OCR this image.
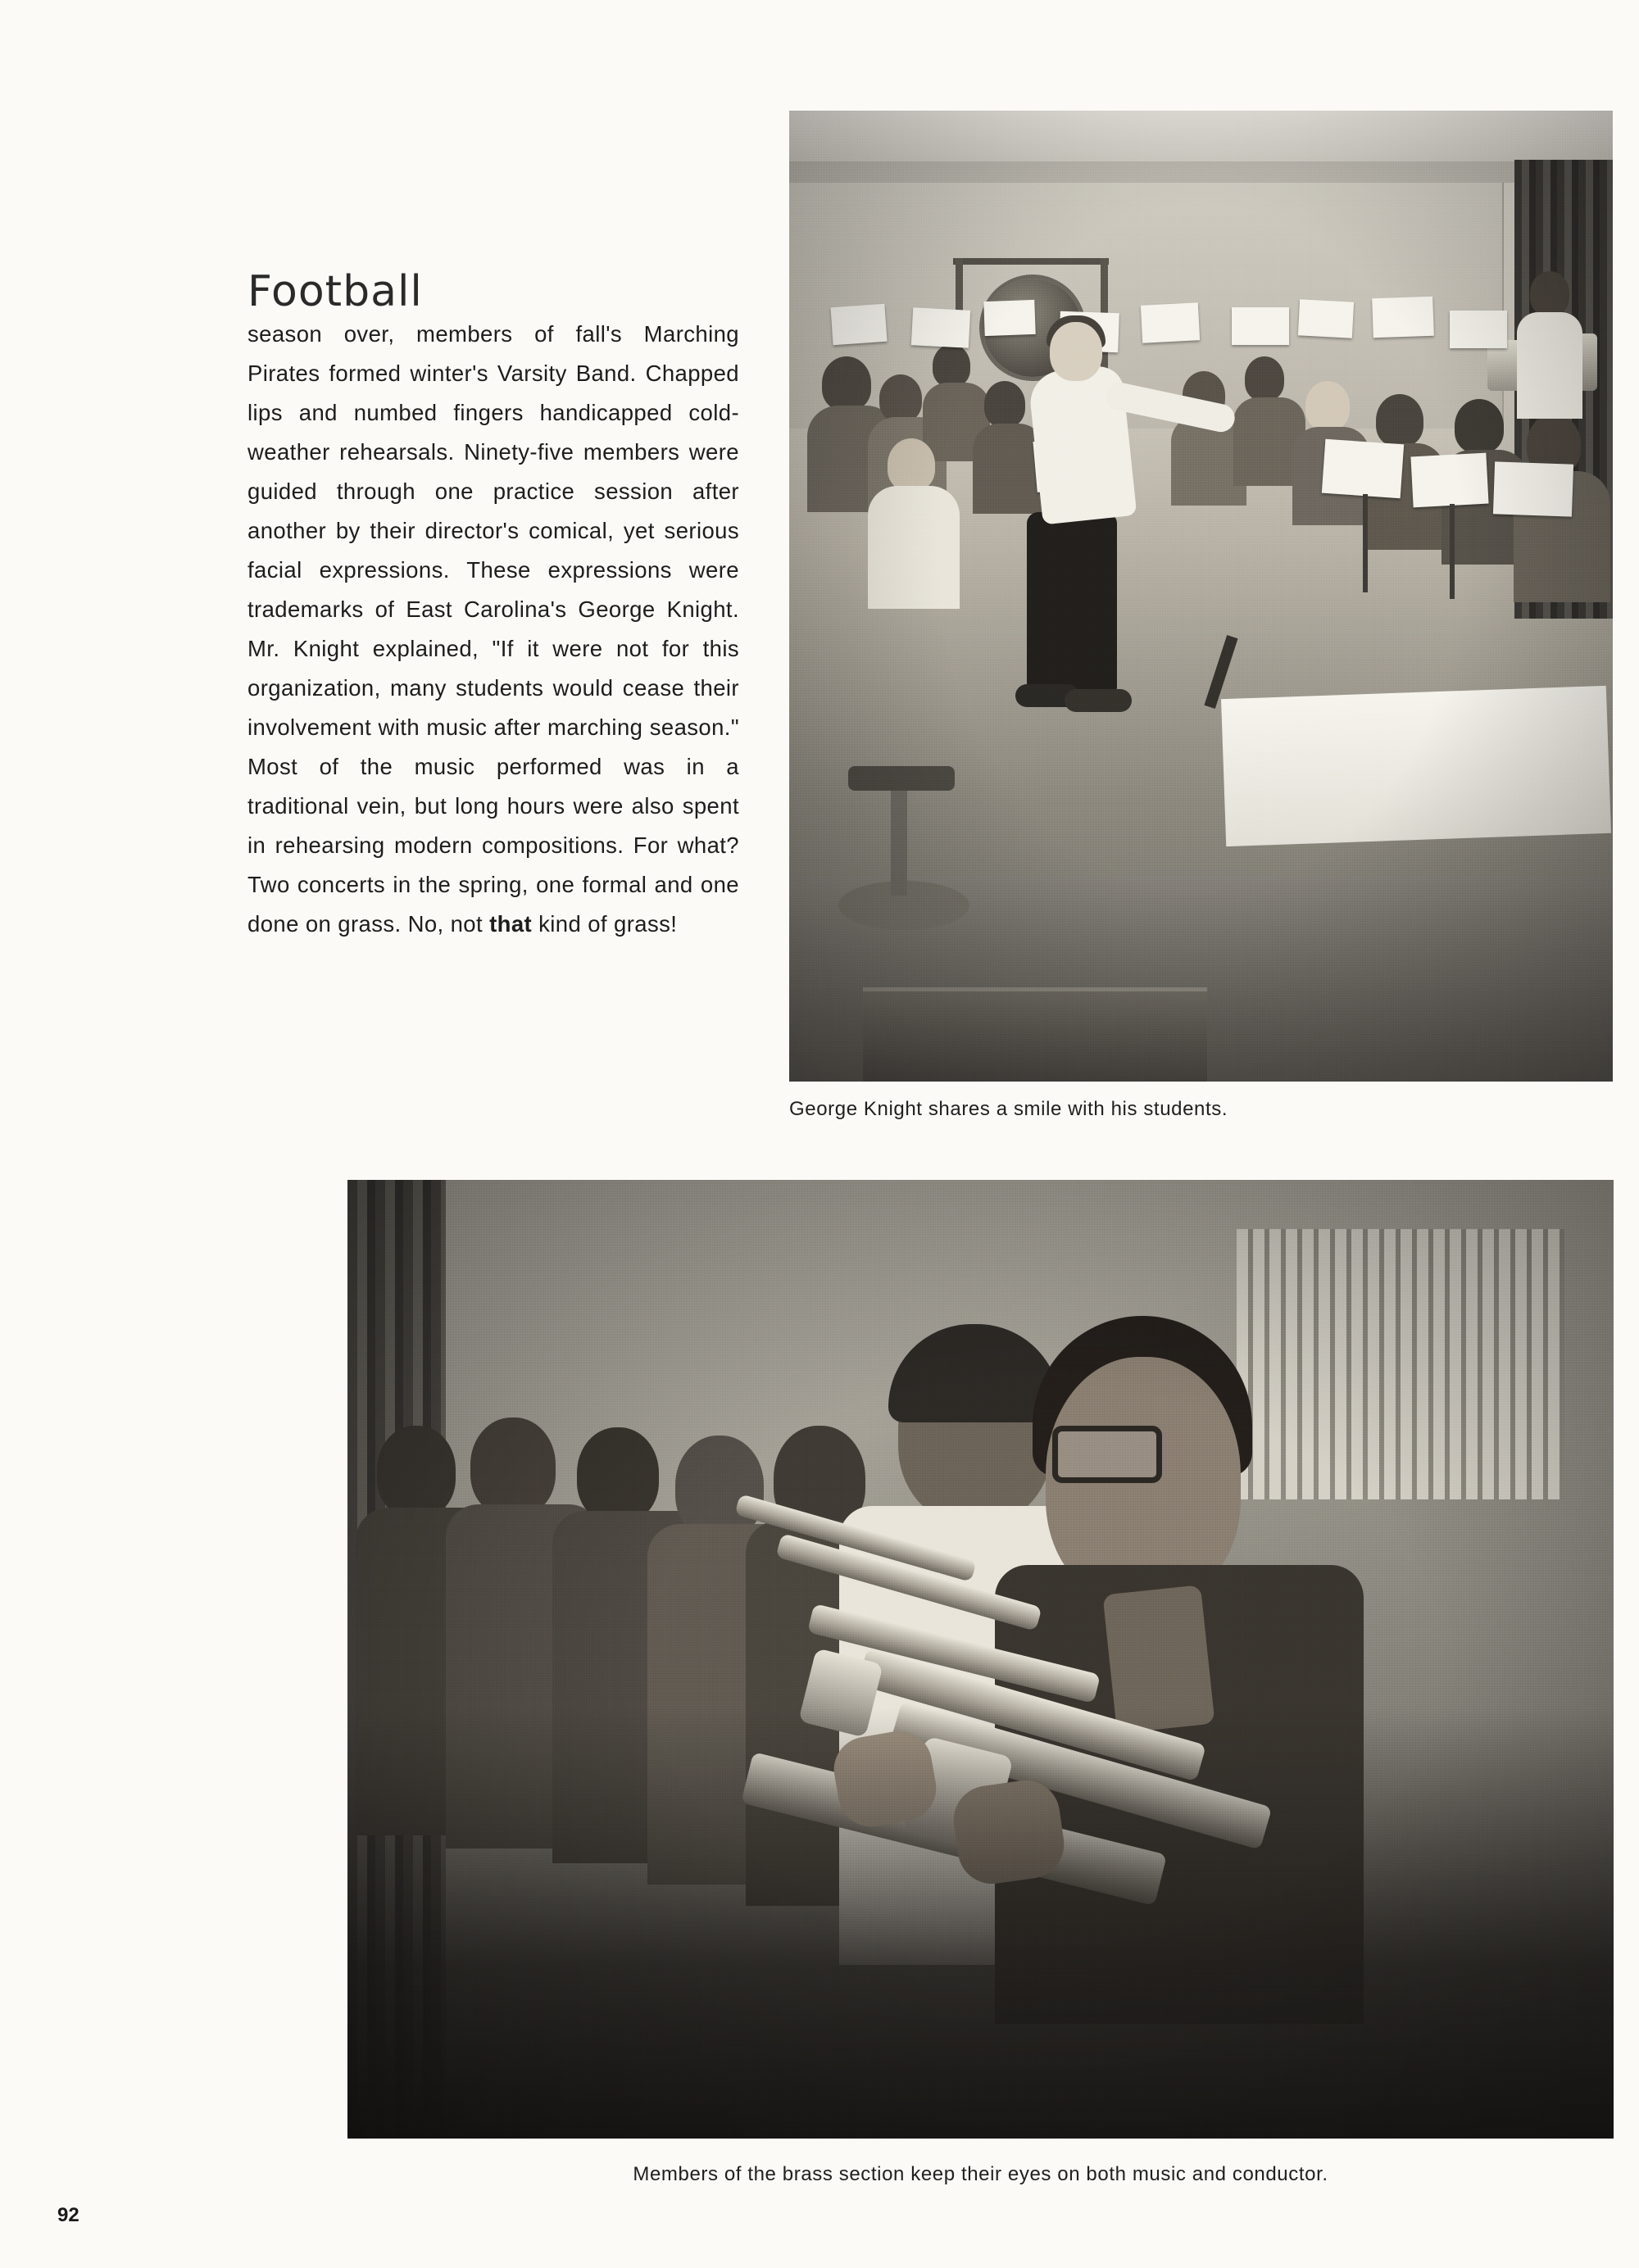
Football

season over, members of fall's Marching Pirates formed winter's Varsity Band. Chapped lips and numbed fingers handicapped cold-weather rehearsals. Ninety-five members were guided through one practice session after another by their director's comical, yet serious facial expressions. These expressions were trademarks of East Carolina's George Knight. Mr. Knight explained, "If it were not for this organization, many students would cease their involvement with music after marching season." Most of the music performed was in a traditional vein, but long hours were also spent in rehearsing modern compositions. For what? Two concerts in the spring, one formal and one done on grass. No, not that kind of grass!

George Knight shares a smile with his students.
Members of the brass section keep their eyes on both music and conductor.
92
